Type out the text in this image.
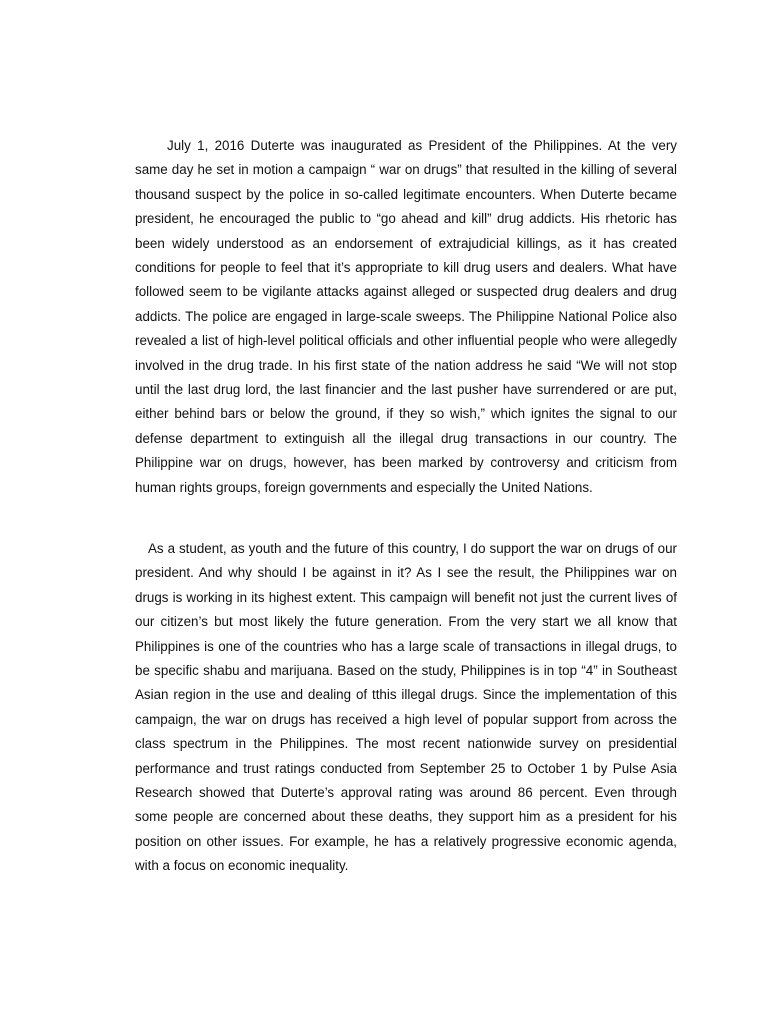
July 1, 2016 Duterte was inaugurated as President of the Philippines. At the very same day he set in motion a campaign “ war on drugs” that resulted in the killing of several thousand suspect by the police in so-called legitimate encounters. When Duterte became president, he encouraged the public to “go ahead and kill” drug addicts. His rhetoric has been widely understood as an endorsement of extrajudicial killings, as it has created conditions for people to feel that it’s appropriate to kill drug users and dealers. What have followed seem to be vigilante attacks against alleged or suspected drug dealers and drug addicts. The police are engaged in large-scale sweeps. The Philippine National Police also revealed a list of high-level political officials and other influential people who were allegedly involved in the drug trade. In his first state of the nation address he said “We will not stop until the last drug lord, the last financier and the last pusher have surrendered or are put, either behind bars or below the ground, if they so wish,” which ignites the signal to our defense department to extinguish all the illegal drug transactions in our country. The Philippine war on drugs, however, has been marked by controversy and criticism from human rights groups, foreign governments and especially the United Nations.

As a student, as youth and the future of this country, I do support the war on drugs of our president. And why should I be against in it? As I see the result, the Philippines war on drugs is working in its highest extent. This campaign will benefit not just the current lives of our citizen’s but most likely the future generation. From the very start we all know that Philippines is one of the countries who has a large scale of transactions in illegal drugs, to be specific shabu and marijuana. Based on the study, Philippines is in top “4” in Southeast Asian region in the use and dealing of tthis illegal drugs. Since the implementation of this campaign, the war on drugs has received a high level of popular support from across the class spectrum in the Philippines. The most recent nationwide survey on presidential performance and trust ratings conducted from September 25 to October 1 by Pulse Asia Research showed that Duterte’s approval rating was around 86 percent. Even through some people are concerned about these deaths, they support him as a president for his position on other issues. For example, he has a relatively progressive economic agenda, with a focus on economic inequality.
